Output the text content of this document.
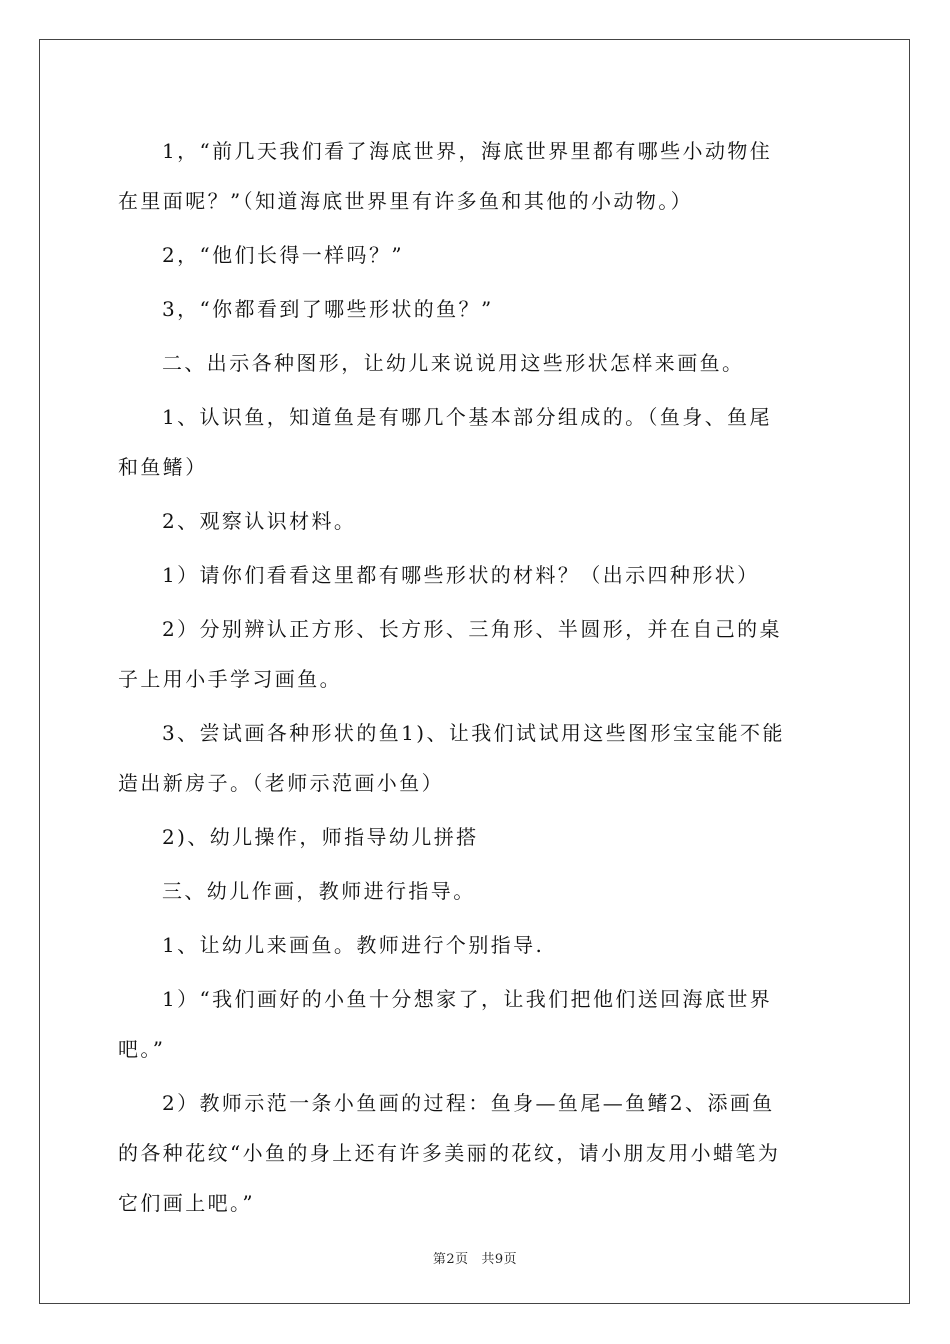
1，“前几天我们看了海底世界，海底世界里都有哪些小动物住
在里面呢？”（知道海底世界里有许多鱼和其他的小动物。）

2，“他们长得一样吗？”

3，“你都看到了哪些形状的鱼？”

二、出示各种图形，让幼儿来说说用这些形状怎样来画鱼。

1、认识鱼，知道鱼是有哪几个基本部分组成的。（鱼身、鱼尾
和鱼鳍）

2、观察认识材料。

1）请你们看看这里都有哪些形状的材料？（出示四种形状）

2）分别辨认正方形、长方形、三角形、半圆形，并在自己的桌
子上用小手学习画鱼。

3、尝试画各种形状的鱼1)、让我们试试用这些图形宝宝能不能
造出新房子。（老师示范画小鱼）

2)、幼儿操作，师指导幼儿拼搭

三、幼儿作画，教师进行指导。

1、让幼儿来画鱼。教师进行个别指导.

1）“我们画好的小鱼十分想家了，让我们把他们送回海底世界
吧。”

2）教师示范一条小鱼画的过程：鱼身—鱼尾—鱼鳍2、添画鱼
的各种花纹“小鱼的身上还有许多美丽的花纹，请小朋友用小蜡笔为
它们画上吧。”

第2页 共9页
